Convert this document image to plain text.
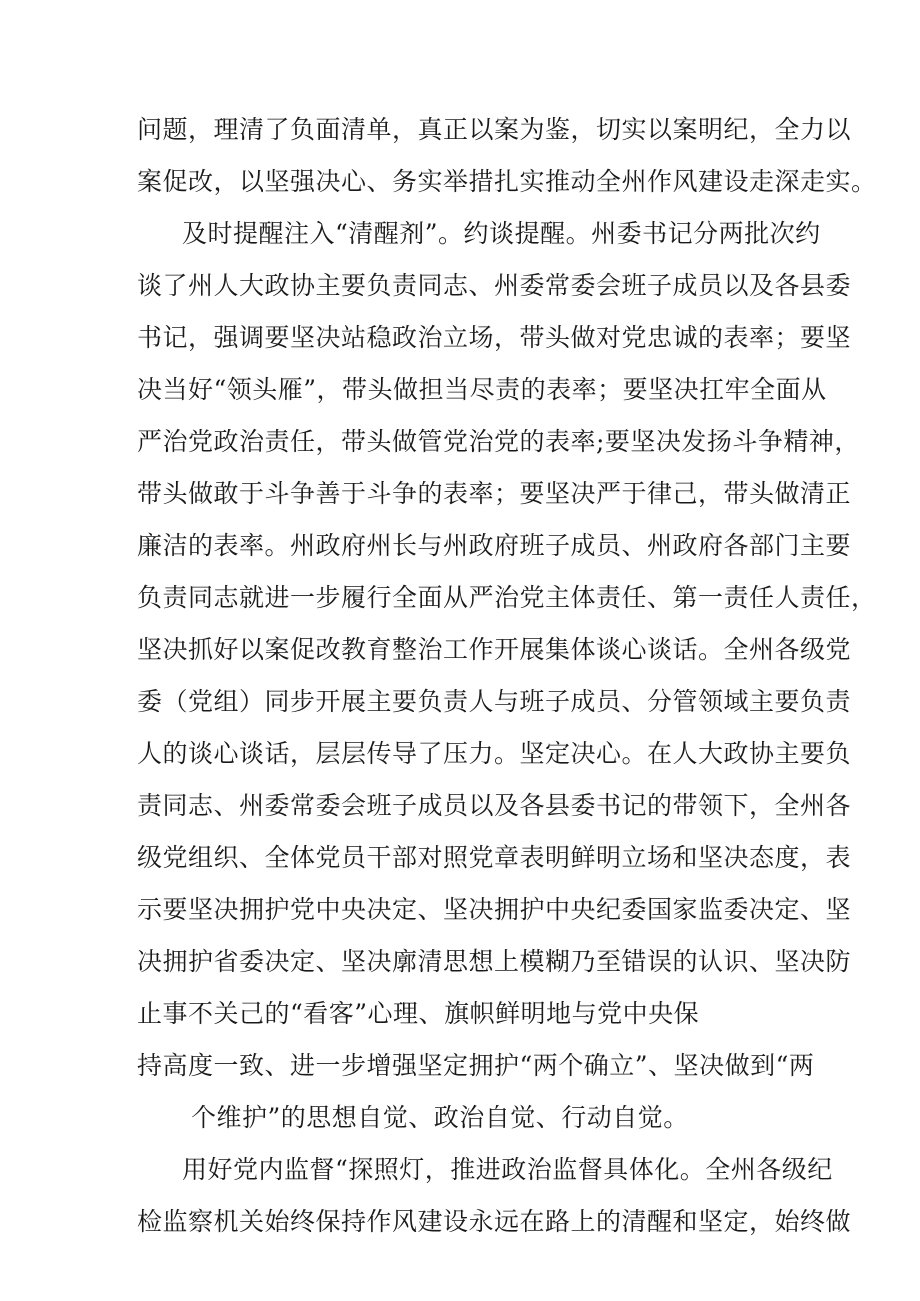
问题，理清了负面清单，真正以案为鉴，切实以案明纪，全力以
案促改，以坚强决心、务实举措扎实推动全州作风建设走深走实。
及时提醒注入“清醒剂”。约谈提醒。州委书记分两批次约
谈了州人大政协主要负责同志、州委常委会班子成员以及各县委
书记，强调要坚决站稳政治立场，带头做对党忠诚的表率；要坚
决当好“领头雁”，带头做担当尽责的表率；要坚决扛牢全面从
严治党政治责任，带头做管党治党的表率;要坚决发扬斗争精神，
带头做敢于斗争善于斗争的表率；要坚决严于律己，带头做清正
廉洁的表率。州政府州长与州政府班子成员、州政府各部门主要
负责同志就进一步履行全面从严治党主体责任、第一责任人责任，
坚决抓好以案促改教育整治工作开展集体谈心谈话。全州各级党
委（党组）同步开展主要负责人与班子成员、分管领域主要负责
人的谈心谈话，层层传导了压力。坚定决心。在人大政协主要负
责同志、州委常委会班子成员以及各县委书记的带领下，全州各
级党组织、全体党员干部对照党章表明鲜明立场和坚决态度，表
示要坚决拥护党中央决定、坚决拥护中央纪委国家监委决定、坚
决拥护省委决定、坚决廓清思想上模糊乃至错误的认识、坚决防
止事不关己的“看客”心理、旗帜鲜明地与党中央保
持高度一致、进一步增强坚定拥护“两个确立”、坚决做到“两
个维护”的思想自觉、政治自觉、行动自觉。
用好党内监督“探照灯，推进政治监督具体化。全州各级纪
检监察机关始终保持作风建设永远在路上的清醒和坚定，始终做
